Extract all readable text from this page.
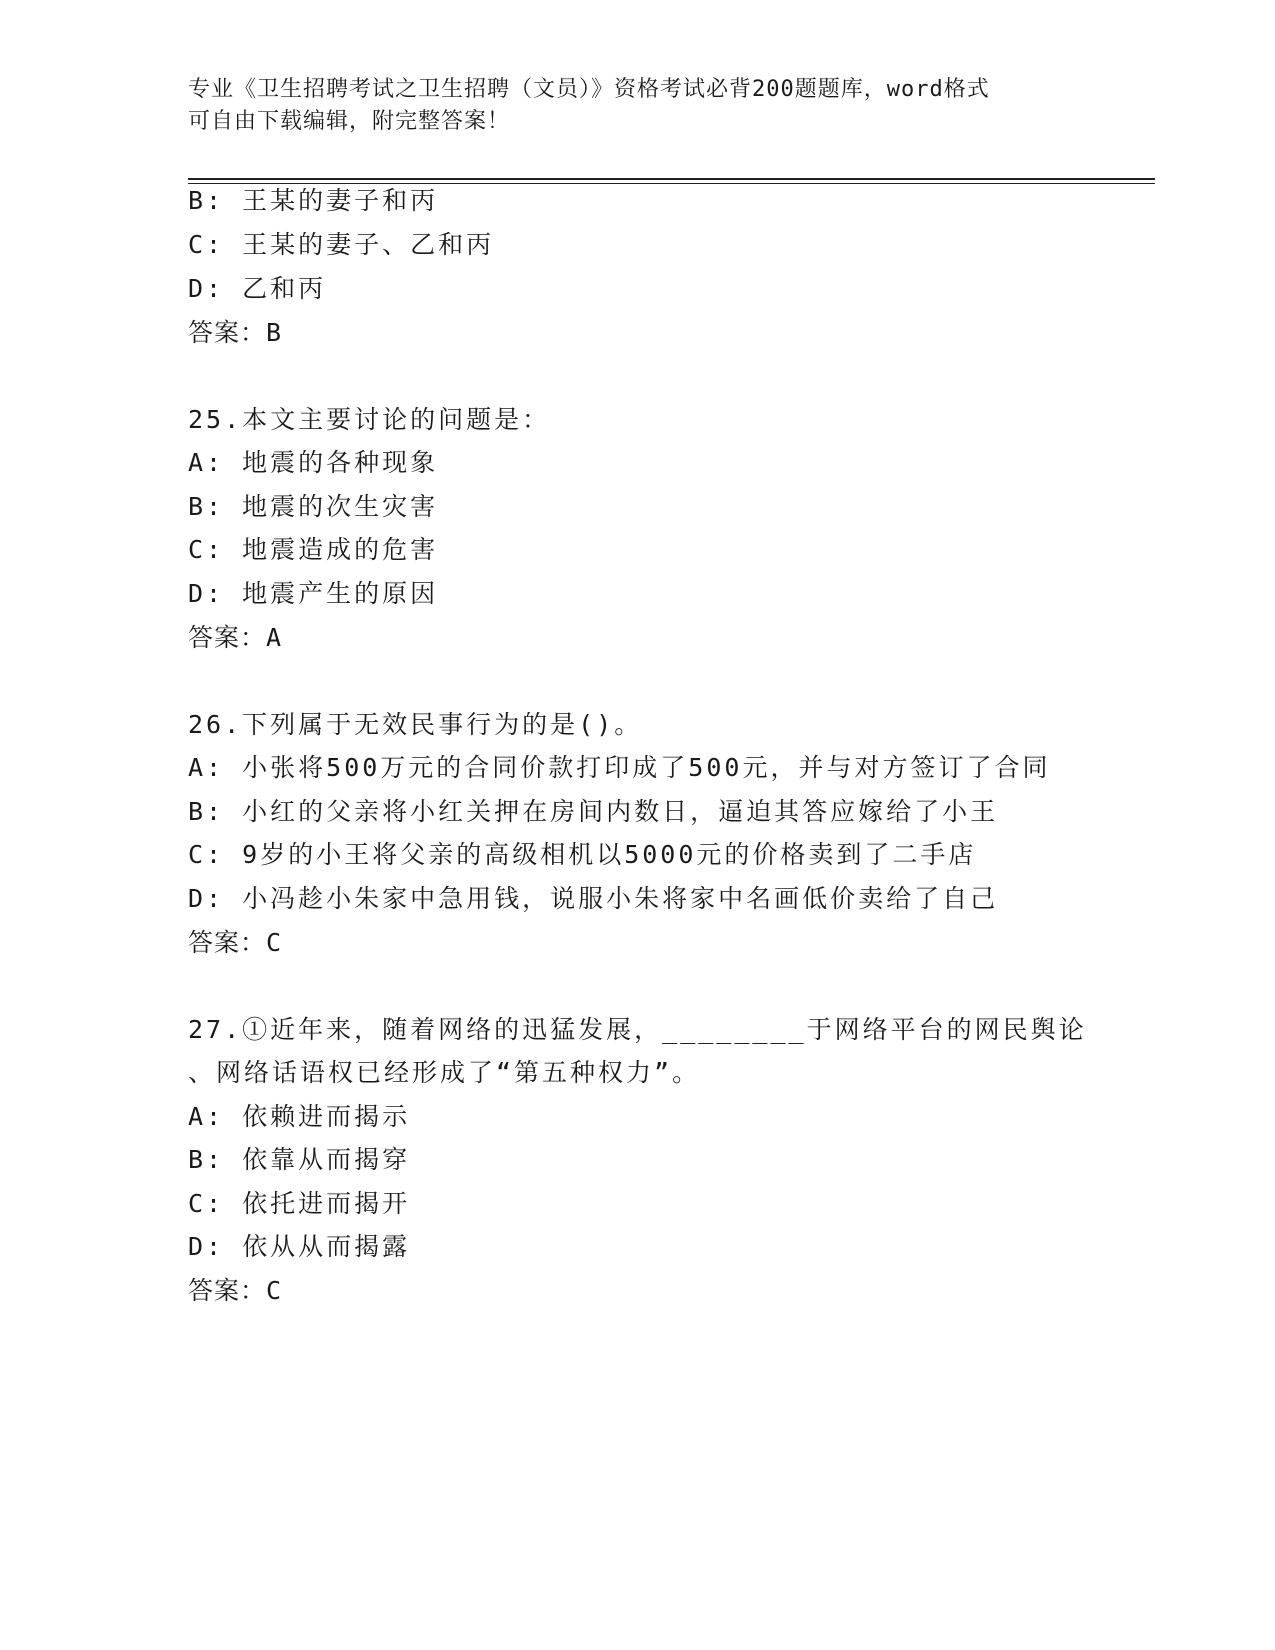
专业《卫生招聘考试之卫生招聘（文员）》资格考试必背200题题库，word格式
可自由下载编辑，附完整答案！
B: 王某的妻子和丙
C: 王某的妻子、乙和丙
D: 乙和丙
答案：B
25.本文主要讨论的问题是：
A: 地震的各种现象
B: 地震的次生灾害
C: 地震造成的危害
D: 地震产生的原因
答案：A
26.下列属于无效民事行为的是()。
A: 小张将500万元的合同价款打印成了500元，并与对方签订了合同
B: 小红的父亲将小红关押在房间内数日，逼迫其答应嫁给了小王
C: 9岁的小王将父亲的高级相机以5000元的价格卖到了二手店
D: 小冯趁小朱家中急用钱，说服小朱将家中名画低价卖给了自己
答案：C
27.①近年来，随着网络的迅猛发展，________于网络平台的网民舆论
、网络话语权已经形成了“第五种权力”。
A: 依赖进而揭示
B: 依靠从而揭穿
C: 依托进而揭开
D: 依从从而揭露
答案：C
